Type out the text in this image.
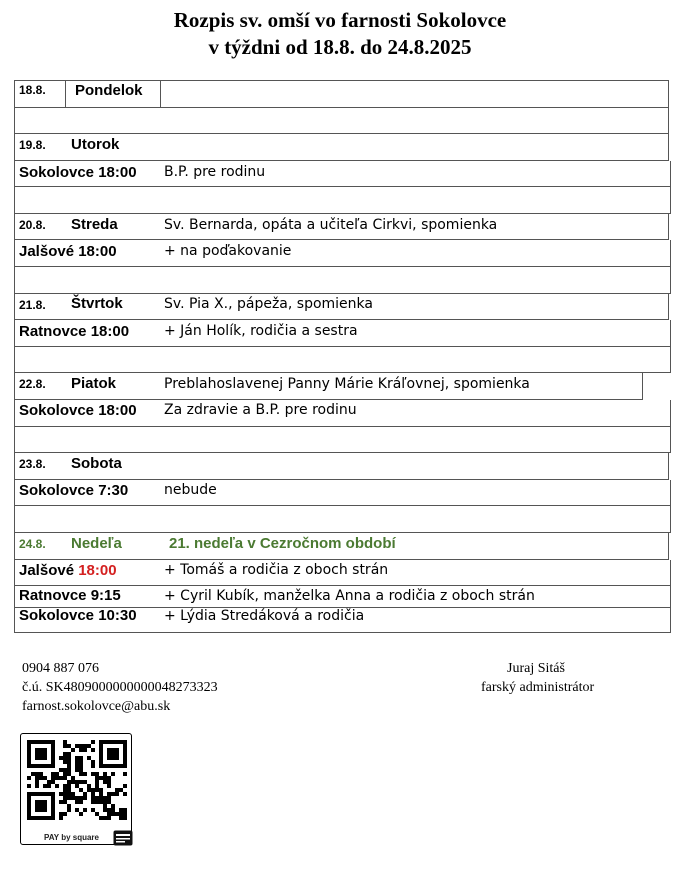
Rozpis sv. omší vo farnosti Sokolovce
v týždni od 18.8. do 24.8.2025
18.8. Pondelok
19.8. Utorok
Sokolovce 18:00 B.P. pre rodinu
20.8. Streda	Sv. Bernarda, opáta a učiteľa Cirkvi, spomienka
Jalšové 18:00	+ na poďakovanie
21.8. Štvrtok	Sv. Pia X., pápeža, spomienka
Ratnovce 18:00 + Ján Holík, rodičia a sestra
22.8. Piatok	Preblahoslavenej Panny Márie Kráľovnej, spomienka
Sokolovce 18:00 Za zdravie a B.P. pre rodinu
23.8. Sobota
Sokolovce 7:30	nebude
24.8. Nedeľa	21. nedeľa v Cezročnom období
Jalšové 18:00	+ Tomáš a rodičia z oboch strán
Ratnovce 9:15	+ Cyril Kubík, manželka Anna a rodičia z oboch strán
Sokolovce 10:30 + Lýdia Stredáková a rodičia
0904 887 076
č.ú. SK4809000000000048273323
farnost.sokolovce@abu.sk
Juraj Sitáš
farský administrátor
PAY by square
